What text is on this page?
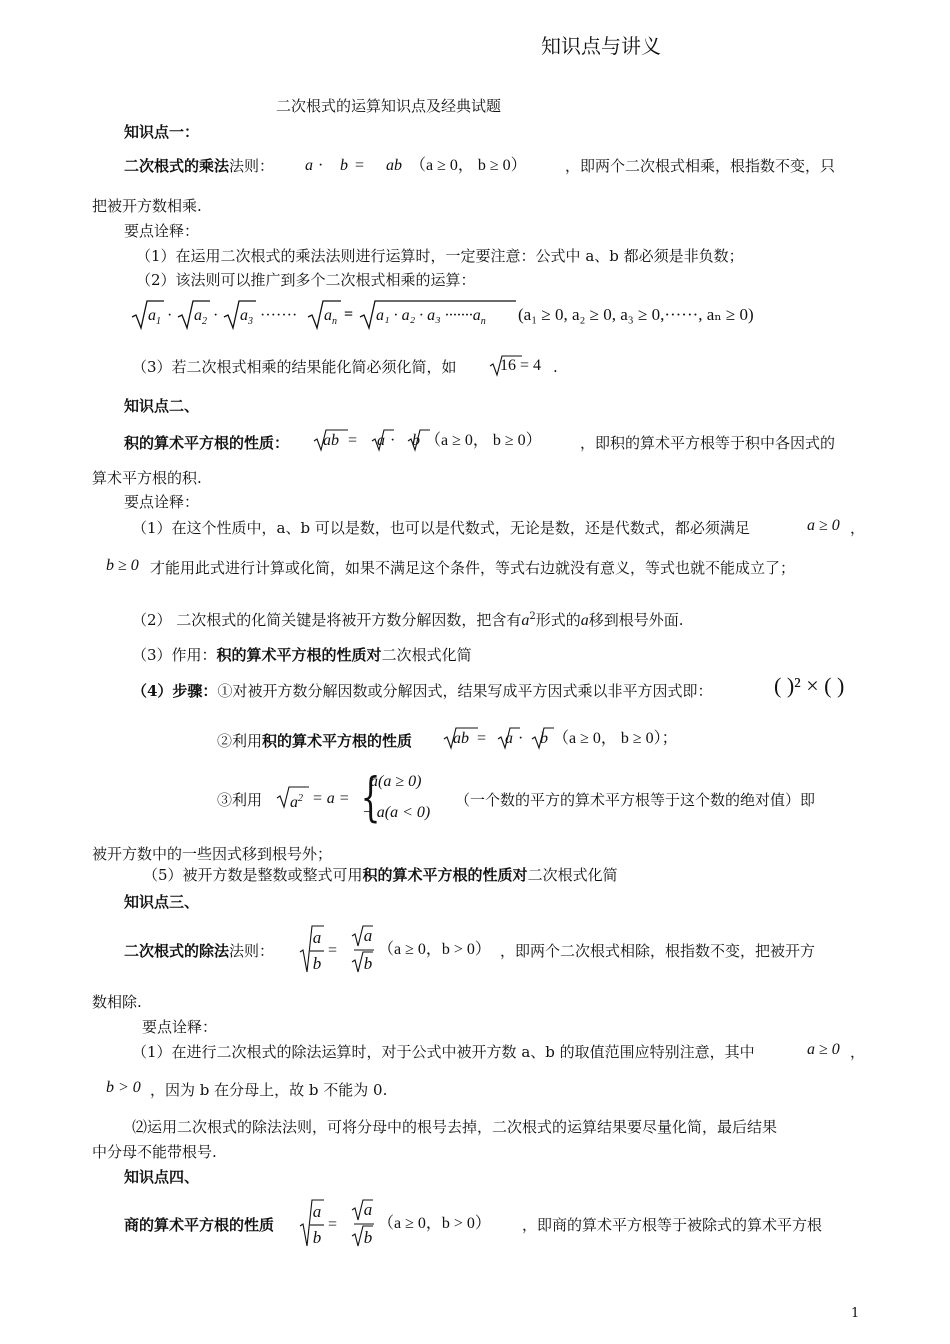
知识点与讲义
二次根式的运算知识点及经典试题
知识点一：
二次根式的乘法法则： a · b = ab （a ≥ 0， b ≥ 0）	，即两个二次根式相乘，根指数不变，只
把被开方数相乘.
要点诠释：
（1）在运用二次根式的乘法法则进行运算时，一定要注意：公式中 a、b 都必须是非负数；
（2）该法则可以推广到多个二次根式相乘的运算：
$a_1 \cdot a_2 \cdot a_3$ ······· $a_n = a_1 \cdot a_2 \cdot a_3 \cdot\cdot\cdot\cdot\cdot\cdot\cdot a_n$ (a₁ ≥ 0, a₂ ≥ 0, a₃ ≥ 0,······, aₙ ≥ 0)
（3）若二次根式相乘的结果能化简必须化简，如	16 = 4 .
知识点二、
积的算术平方根的性质： ab = a · b （a ≥ 0， b ≥ 0）	，即积的算术平方根等于积中各因式的
算术平方根的积.
要点诠释：
（1）在这个性质中，a、b 可以是数，也可以是代数式，无论是数，还是代数式，都必须满足	a ≥ 0 ，
b ≥ 0 才能用此式进行计算或化简，如果不满足这个条件，等式右边就没有意义，等式也就不能成立了；
（2） 二次根式的化简关键是将被开方数分解因数，把含有$a^2$形式的a移到根号外面.
（3）作用：积的算术平方根的性质对二次根式化简
（4）步骤：①对被开方数分解因数或分解因式，结果写成平方因式乘以非平方因式即：	( )² × ( )
②利用积的算术平方根的性质	ab = a · b （a ≥ 0， b ≥ 0）；
③利用 $a^2 = a$ = {
a(a ≥ 0)
− a(a < 0)
（一个数的平方的算术平方根等于这个数的绝对值）即
被开方数中的一些因式移到根号外；
（5）被开方数是整数或整式可用积的算术平方根的性质对二次根式化简
知识点三、
二次根式的除法法则：
a
b
=
a
b
（a ≥ 0，b > 0） ，即两个二次根式相除，根指数不变，把被开方
数相除.
要点诠释：
（1）在进行二次根式的除法运算时，对于公式中被开方数 a、b 的取值范围应特别注意，其中	a ≥ 0 ，
b > 0 ，因为 b 在分母上，故 b 不能为 0.
⑵运用二次根式的除法法则，可将分母中的根号去掉，二次根式的运算结果要尽量化简，最后结果
中分母不能带根号.
知识点四、
商的算术平方根的性质
a
b
=
a
b
（a ≥ 0，b > 0） ，即商的算术平方根等于被除式的算术平方根
1
